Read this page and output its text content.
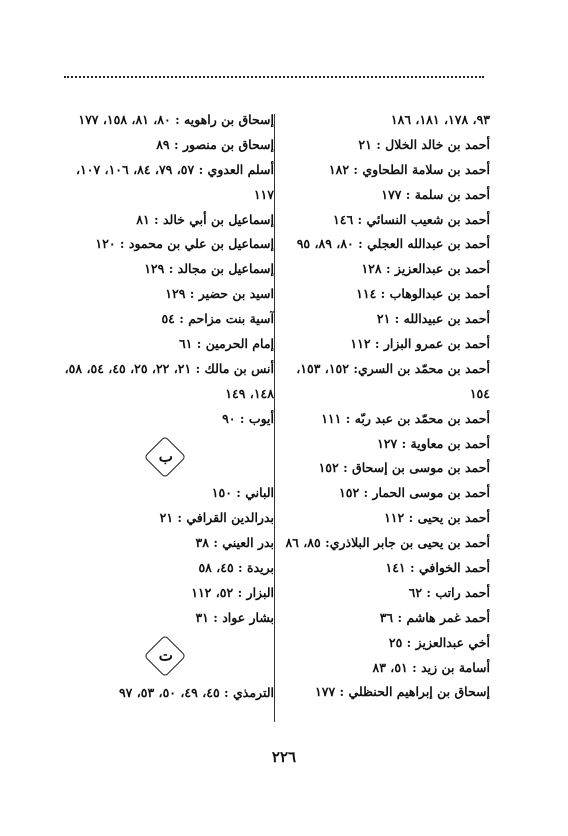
٩٣، ١٧٨، ١٨١، ١٨٦
أحمد بن خالد الخلال : ٢١
أحمد بن سلامة الطحاوي : ١٨٢
أحمد بن سلمة : ١٧٧
أحمد بن شعيب النسائي : ١٤٦
أحمد بن عبدالله العجلي : ٨٠، ٨٩، ٩٥
أحمد بن عبدالعزيز : ١٢٨
أحمد بن عبدالوهاب : ١١٤
أحمد بن عبيدالله : ٢١
أحمد بن عمرو البزار : ١١٢
أحمد بن محمّد بن السري: ١٥٢، ١٥٣،
١٥٤
أحمد بن محمّد بن عبد ربّه : ١١١
أحمد بن معاوية : ١٢٧
أحمد بن موسى بن إسحاق : ١٥٢
أحمد بن موسى الحمار : ١٥٢
أحمد بن يحيى : ١١٢
أحمد بن يحيى بن جابر البلاذري: ٨٥، ٨٦
أحمد الخوافي : ١٤١
أحمد راتب : ٦٢
أحمد غمر هاشم : ٣٦
أخي عبدالعزيز : ٢٥
أسامة بن زيد : ٥١، ٨٣
إسحاق بن إبراهيم الحنظلي : ١٧٧
إسحاق بن راهويه : ٨٠، ٨١، ١٥٨، ١٧٧
إسحاق بن منصور : ٨٩
أسلم العدوي : ٥٧، ٧٩، ٨٤، ١٠٦، ١٠٧،
١١٧
إسماعيل بن أبي خالد : ٨١
إسماعيل بن علي بن محمود : ١٢٠
إسماعيل بن مجالد : ١٢٩
اسيد بن حضير : ١٢٩
آسية بنت مزاحم : ٥٤
إمام الحرمين : ٦١
أنس بن مالك : ٢١، ٢٢، ٢٥، ٤٥، ٥٤، ٥٨،
١٤٨، ١٤٩
أيوب : ٩٠
ب
الباني : ١٥٠
بدرالدين القرافي : ٢١
بدر العيني : ٣٨
بريدة : ٤٥، ٥٨
البزار : ٥٢، ١١٢
بشار عواد : ٣١
ت
الترمذي : ٤٥، ٤٩، ٥٠، ٥٣، ٩٧
٢٢٦
